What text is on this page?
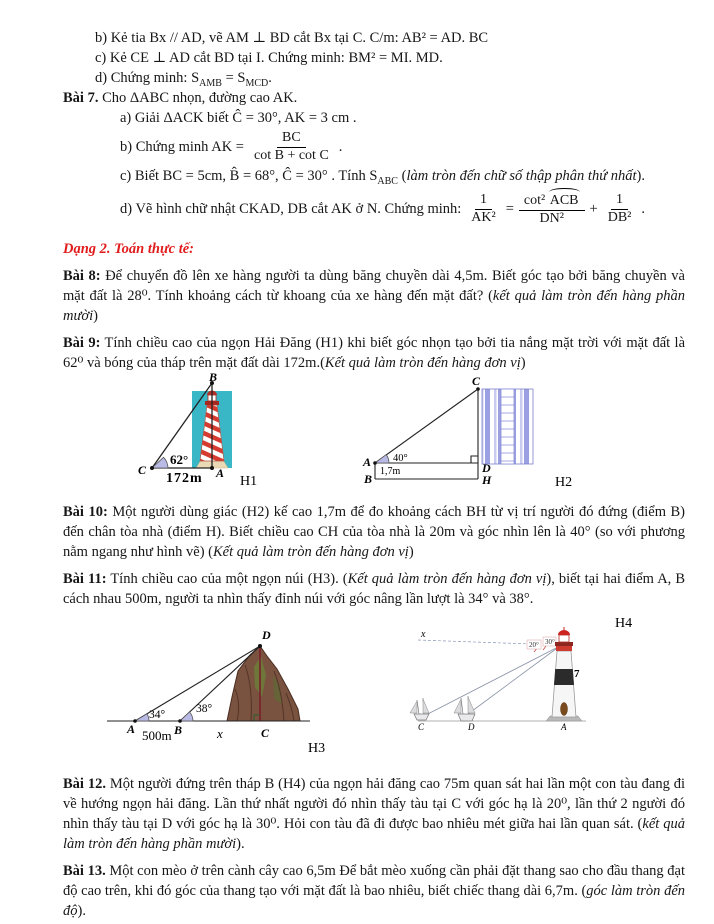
b) Kẻ tia Bx // AD, vẽ AM ⊥ BD cắt Bx tại C. C/m: AB² = AD. BC

c) Kẻ CE ⊥ AD cắt BD tại I. Chứng minh: BM² = MI. MD.

d) Chứng minh: $S_{AMB} = S_{MCD}$.

Bài 7. Cho ΔABC nhọn, đường cao AK.

a) Giải ΔACK biết Ĉ = 30°, AK = 3 cm .

b) Chứng minh AK = $\frac{BC}{\text{cot B + cot C}}$ .

c) Biết BC = 5cm, B̂ = 68°, Ĉ = 30° . Tính $S_{ABC}$ (làm tròn đến chữ số thập phân thứ nhất).

d) Vẽ hình chữ nhật CKAD, DB cắt AK ở N. Chứng minh: $\frac{1}{\text{AK²}} = \frac{\text{cot² ACB}}{\text{DN²}} + \frac{1}{\text{DB²}}$ .

Dạng 2. Toán thực tế:

Bài 8: Để chuyển đồ lên xe hàng người ta dùng băng chuyền dài 4,5m. Biết góc tạo bởi băng chuyền và mặt đất là 28⁰. Tính khoảng cách từ khoang của xe hàng đến mặt đất? (kết quả làm tròn đến hàng phần mười)

Bài 9: Tính chiều cao của ngọn Hải Đăng (H1) khi biết góc nhọn tạo bởi tia nắng mặt trời với mặt đất là 62⁰ và bóng của tháp trên mặt đất dài 172m.(Kết quả làm tròn đến hàng đơn vị)

B
C	A
62°
172m	H1
A
B
C
D
H
40°
1,7m
H2

Bài 10: Một người dùng giác (H2) kế cao 1,7m để đo khoảng cách BH từ vị trí người đó đứng (điểm B) đến chân tòa nhà (điểm H). Biết chiều cao CH của tòa nhà là 20m và góc nhìn lên là 40° (so với phương nằm ngang như hình vẽ) (Kết quả làm tròn đến hàng đơn vị)

Bài 11: Tính chiều cao của một ngọn núi (H3). (Kết quả làm tròn đến hàng đơn vị), biết tại hai điểm A, B cách nhau 500m, người ta nhìn thấy đỉnh núi với góc nâng lần lượt là 34° và 38°.

D
A	B	C
34°	38°
500m	x
H3
H4
20° 30°
x
7
C	D	A

Bài 12. Một người đứng trên tháp B (H4) của ngọn hải đăng cao 75m quan sát hai lần một con tàu đang đi về hướng ngọn hải đăng. Lần thứ nhất người đó nhìn thấy tàu tại C với góc hạ là 20⁰, lần thứ 2 người đó nhìn thấy tàu tại D với góc hạ là 30⁰. Hỏi con tàu đã đi được bao nhiêu mét giữa hai lần quan sát. (kết quả làm tròn đến hàng phần mười).

Bài 13. Một con mèo ở trên cành cây cao 6,5m Để bắt mèo xuống cần phải đặt thang sao cho đầu thang đạt độ cao trên, khi đó góc của thang tạo với mặt đất là bao nhiêu, biết chiếc thang dài 6,7m. (góc làm tròn đến độ).
